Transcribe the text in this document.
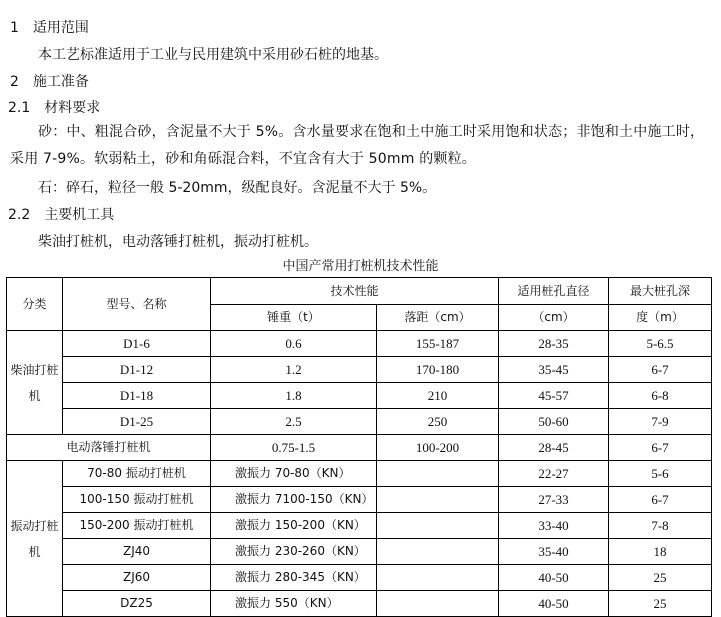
1　适用范围
本工艺标准适用于工业与民用建筑中采用砂石桩的地基。
2　施工准备
2.1　材料要求
砂：中、粗混合砂，含泥量不大于 5%。含水量要求在饱和土中施工时采用饱和状态；非饱和土中施工时，采用 7-9%。软弱粘土，砂和角砾混合料，不宜含有大于 50mm 的颗粒。
石：碎石，粒径一般 5-20mm，级配良好。含泥量不大于 5%。
2.2　主要机工具
柴油打桩机，电动落锤打桩机，振动打桩机。
中国产常用打桩机技术性能
分类	型号、名称	技术性能		适用桩孔直径	最大桩孔深
		锤重（t）	落距（cm）	（cm）	度（m）
柴油打桩机	D1-6	0.6	155-187	28-35	5-6.5
	D1-12	1.2	170-180	35-45	6-7
	D1-18	1.8	210	45-57	6-8
	D1-25	2.5	250	50-60	7-9
电动落锤打桩机		0.75-1.5	100-200	28-45	6-7
振动打桩机	70-80 振动打桩机	激振力 70-80（KN）		22-27	5-6
	100-150 振动打桩机	激振力 7100-150（KN）		27-33	6-7
	150-200 振动打桩机	激振力 150-200（KN）		33-40	7-8
	ZJ40	激振力 230-260（KN）		35-40	18
	ZJ60	激振力 280-345（KN）		40-50	25
	DZ25	激振力 550（KN）		40-50	25
